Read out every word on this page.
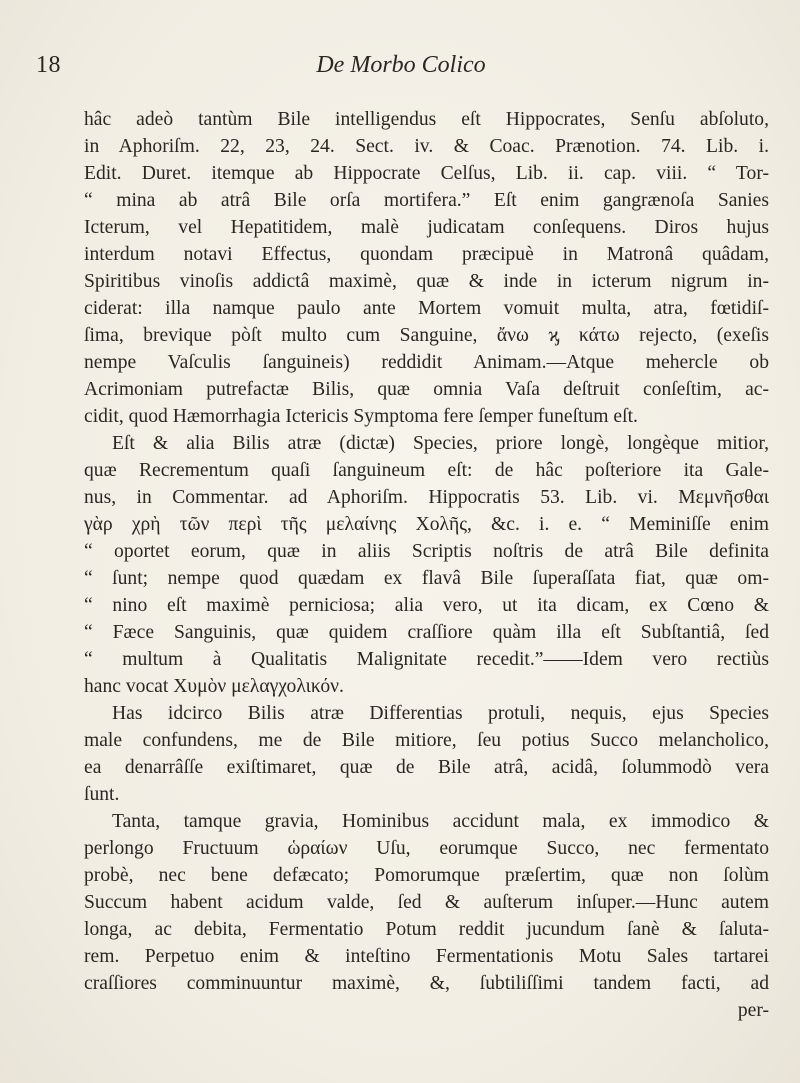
18	De Morbo Colico
hâc adeò tantùm Bile intelligendus eſt Hippocrates, Senſu abſoluto,
in Aphoriſm. 22, 23, 24. Sect. iv. & Coac. Prænotion. 74. Lib. i.
Edit. Duret. itemque ab Hippocrate Celſus, Lib. ii. cap. viii. “ Tor-
“ mina ab atrâ Bile orſa mortifera.” Eſt enim gangrænoſa Sanies
Icterum, vel Hepatitidem, malè judicatam conſequens. Diros hujus
interdum notavi Effectus, quondam præcipuè in Matronâ quâdam,
Spiritibus vinoſis addictâ maximè, quæ & inde in icterum nigrum in-
ciderat: illa namque paulo ante Mortem vomuit multa, atra, fœtidiſ-
ſima, brevique pòſt multo cum Sanguine, ἄνω ϗ κάτω rejecto, (exeſis
nempe Vaſculis ſanguineis) reddidit Animam.—Atque mehercle ob
Acrimoniam putrefactæ Bilis, quæ omnia Vaſa deſtruit conſeſtim, ac-
cidit, quod Hæmorrhagia Ictericis Symptoma fere ſemper funeſtum eſt.
Eſt & alia Bilis atræ (dictæ) Species, priore longè, longèque mitior,
quæ Recrementum quaſi ſanguineum eſt: de hâc poſteriore ita Gale-
nus, in Commentar. ad Aphoriſm. Hippocratis 53. Lib. vi. Μεμνῆσθαι
γὰρ χρὴ τῶν περὶ τῆς μελαίνης Χολῆς, &c. i. e. “ Meminiſſe enim
“ oportet eorum, quæ in aliis Scriptis noſtris de atrâ Bile definita
“ ſunt; nempe quod quædam ex flavâ Bile ſuperaſſata fiat, quæ om-
“ nino eſt maximè perniciosa; alia vero, ut ita dicam, ex Cœno &
“ Fæce Sanguinis, quæ quidem craſſiore quàm illa eſt Subſtantiâ, ſed
“ multum à Qualitatis Malignitate recedit.”——Idem vero rectiùs
hanc vocat Χυμὸν μελαγχολικόν.
Has idcirco Bilis atræ Differentias protuli, nequis, ejus Species
male confundens, me de Bile mitiore, ſeu potius Succo melancholico,
ea denarrâſſe exiſtimaret, quæ de Bile atrâ, acidâ, ſolummodò vera
ſunt.
Tanta, tamque gravia, Hominibus accidunt mala, ex immodico &
perlongo Fructuum ὡραίων Uſu, eorumque Succo, nec fermentato
probè, nec bene defæcato; Pomorumque præſertim, quæ non ſolùm
Succum habent acidum valde, ſed & auſterum inſuper.—Hunc autem
longa, ac debita, Fermentatio Potum reddit jucundum ſanè & ſaluta-
rem. Perpetuo enim & inteſtino Fermentationis Motu Sales tartarei
craſſiores comminuuntur maximè, &, ſubtiliſſimi tandem facti, ad
per-
